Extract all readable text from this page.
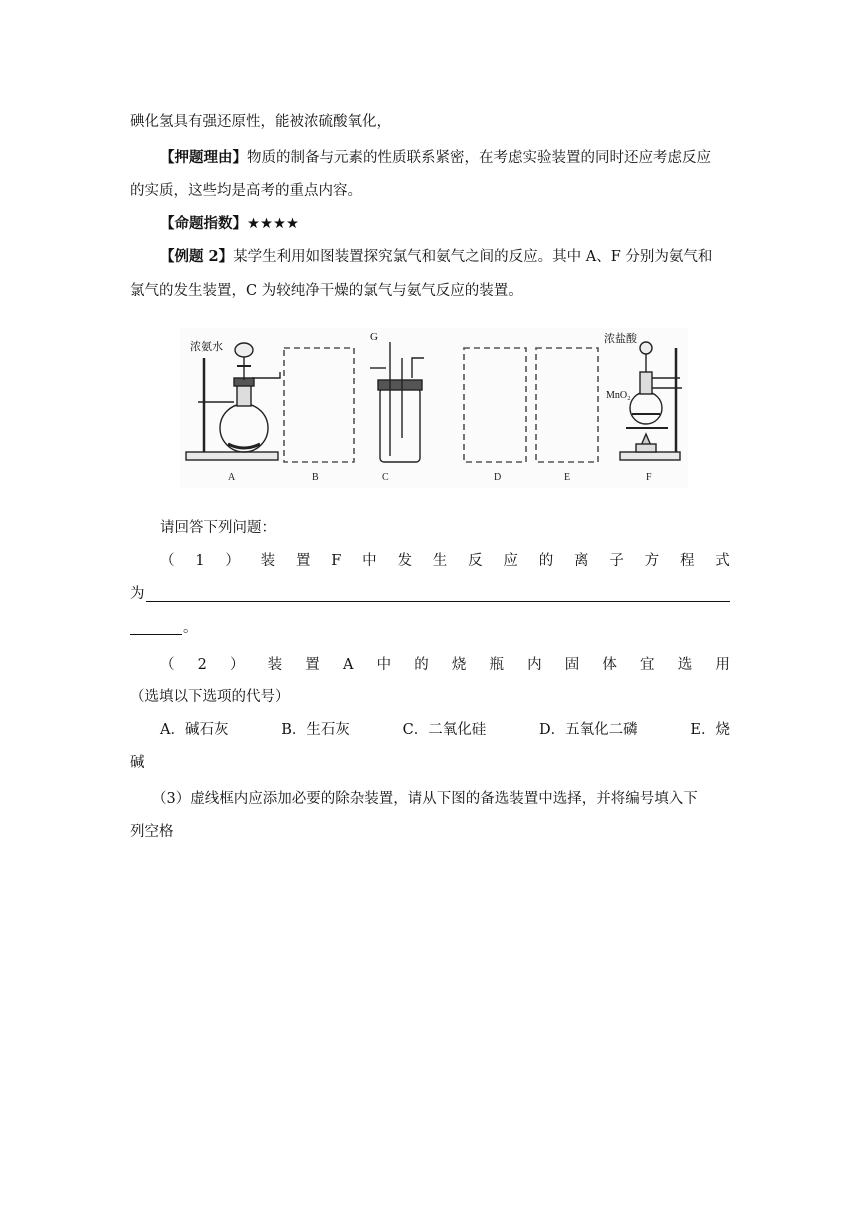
碘化氢具有强还原性，能被浓硫酸氧化，
【押题理由】物质的制备与元素的性质联系紧密，在考虑实验装置的同时还应考虑反应
的实质，这些均是高考的重点内容。
【命题指数】★★★★
【例题 2】某学生利用如图装置探究氯气和氨气之间的反应。其中 A、F 分别为氨气和
氯气的发生装置，C 为较纯净干燥的氯气与氨气反应的装置。
浓氨水
G	浓盐酸
MnO₂
A	B	C	D	E	F
请回答下列问题：
（ 1 ） 装 置 F 中 发 生 反 应 的 离 子 方 程 式
为
。
（ 2 ） 装 置 A 中 的 烧 瓶 内 固 体 宜 选 用
（选填以下选项的代号）
A．碱石灰	B．生石灰	C．二氧化硅	D．五氧化二磷	E．烧
碱
（3）虚线框内应添加必要的除杂装置，请从下图的备选装置中选择，并将编号填入下
列空格
